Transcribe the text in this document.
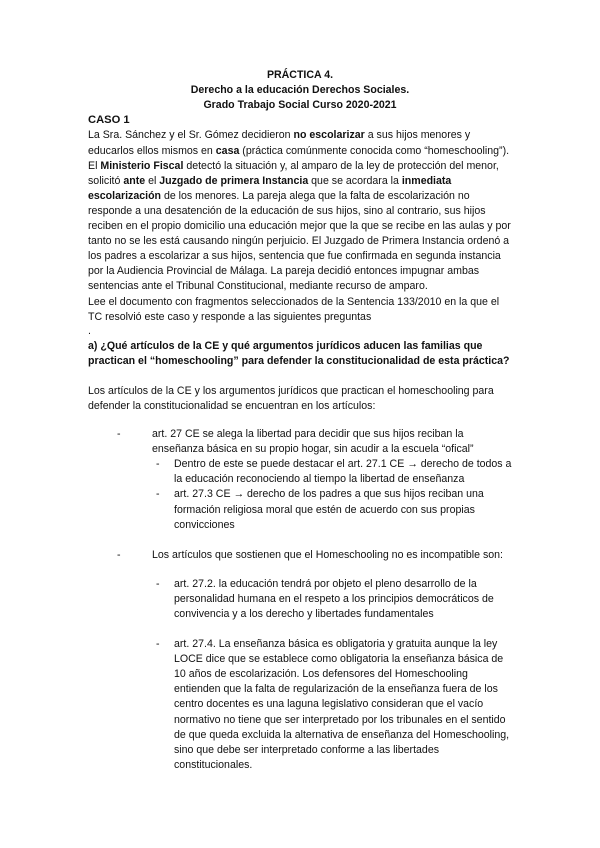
PRÁCTICA 4.
Derecho a la educación Derechos Sociales.
Grado Trabajo Social Curso 2020-2021
CASO 1

La Sra. Sánchez y el Sr. Gómez decidieron no escolarizar a sus hijos menores y educarlos ellos mismos en casa (práctica comúnmente conocida como “homeschooling”). El Ministerio Fiscal detectó la situación y, al amparo de la ley de protección del menor, solicitó ante el Juzgado de primera Instancia que se acordara la inmediata escolarización de los menores. La pareja alega que la falta de escolarización no responde a una desatención de la educación de sus hijos, sino al contrario, sus hijos reciben en el propio domicilio una educación mejor que la que se recibe en las aulas y por tanto no se les está causando ningún perjuicio. El Juzgado de Primera Instancia ordenó a los padres a escolarizar a sus hijos, sentencia que fue confirmada en segunda instancia por la Audiencia Provincial de Málaga. La pareja decidió entonces impugnar ambas sentencias ante el Tribunal Constitucional, mediante recurso de amparo.

Lee el documento con fragmentos seleccionados de la Sentencia 133/2010 en la que el TC resolvió este caso y responde a las siguientes preguntas

.

a) ¿Qué artículos de la CE y qué argumentos jurídicos aducen las familias que practican el “homeschooling” para defender la constitucionalidad de esta práctica?

Los artículos de la CE y los argumentos jurídicos que practican el homeschooling para defender la constitucionalidad se encuentran en los artículos:

-	art. 27 CE se alega la libertad para decidir que sus hijos reciban la enseñanza básica en su propio hogar, sin acudir a la escuela “ofical”
- Dentro de este se puede destacar el art. 27.1 CE → derecho de todos a la educación reconociendo al tiempo la libertad de enseñanza
- art. 27.3 CE → derecho de los padres a que sus hijos reciban una formación religiosa moral que estén de acuerdo con sus propias convicciones
-	Los artículos que sostienen que el Homeschooling no es incompatible son:
- art. 27.2. la educación tendrá por objeto el pleno desarrollo de la personalidad humana en el respeto a los principios democráticos de convivencia y a los derecho y libertades fundamentales
- art. 27.4. La enseñanza básica es obligatoria y gratuita aunque la ley LOCE dice que se establece como obligatoria la enseñanza básica de 10 años de escolarización. Los defensores del Homeschooling entienden que la falta de regularización de la enseñanza fuera de los centro docentes es una laguna legislativo consideran que el vacío normativo no tiene que ser interpretado por los tribunales en el sentido de que queda excluida la alternativa de enseñanza del Homeschooling, sino que debe ser interpretado conforme a las libertades constitucionales.
